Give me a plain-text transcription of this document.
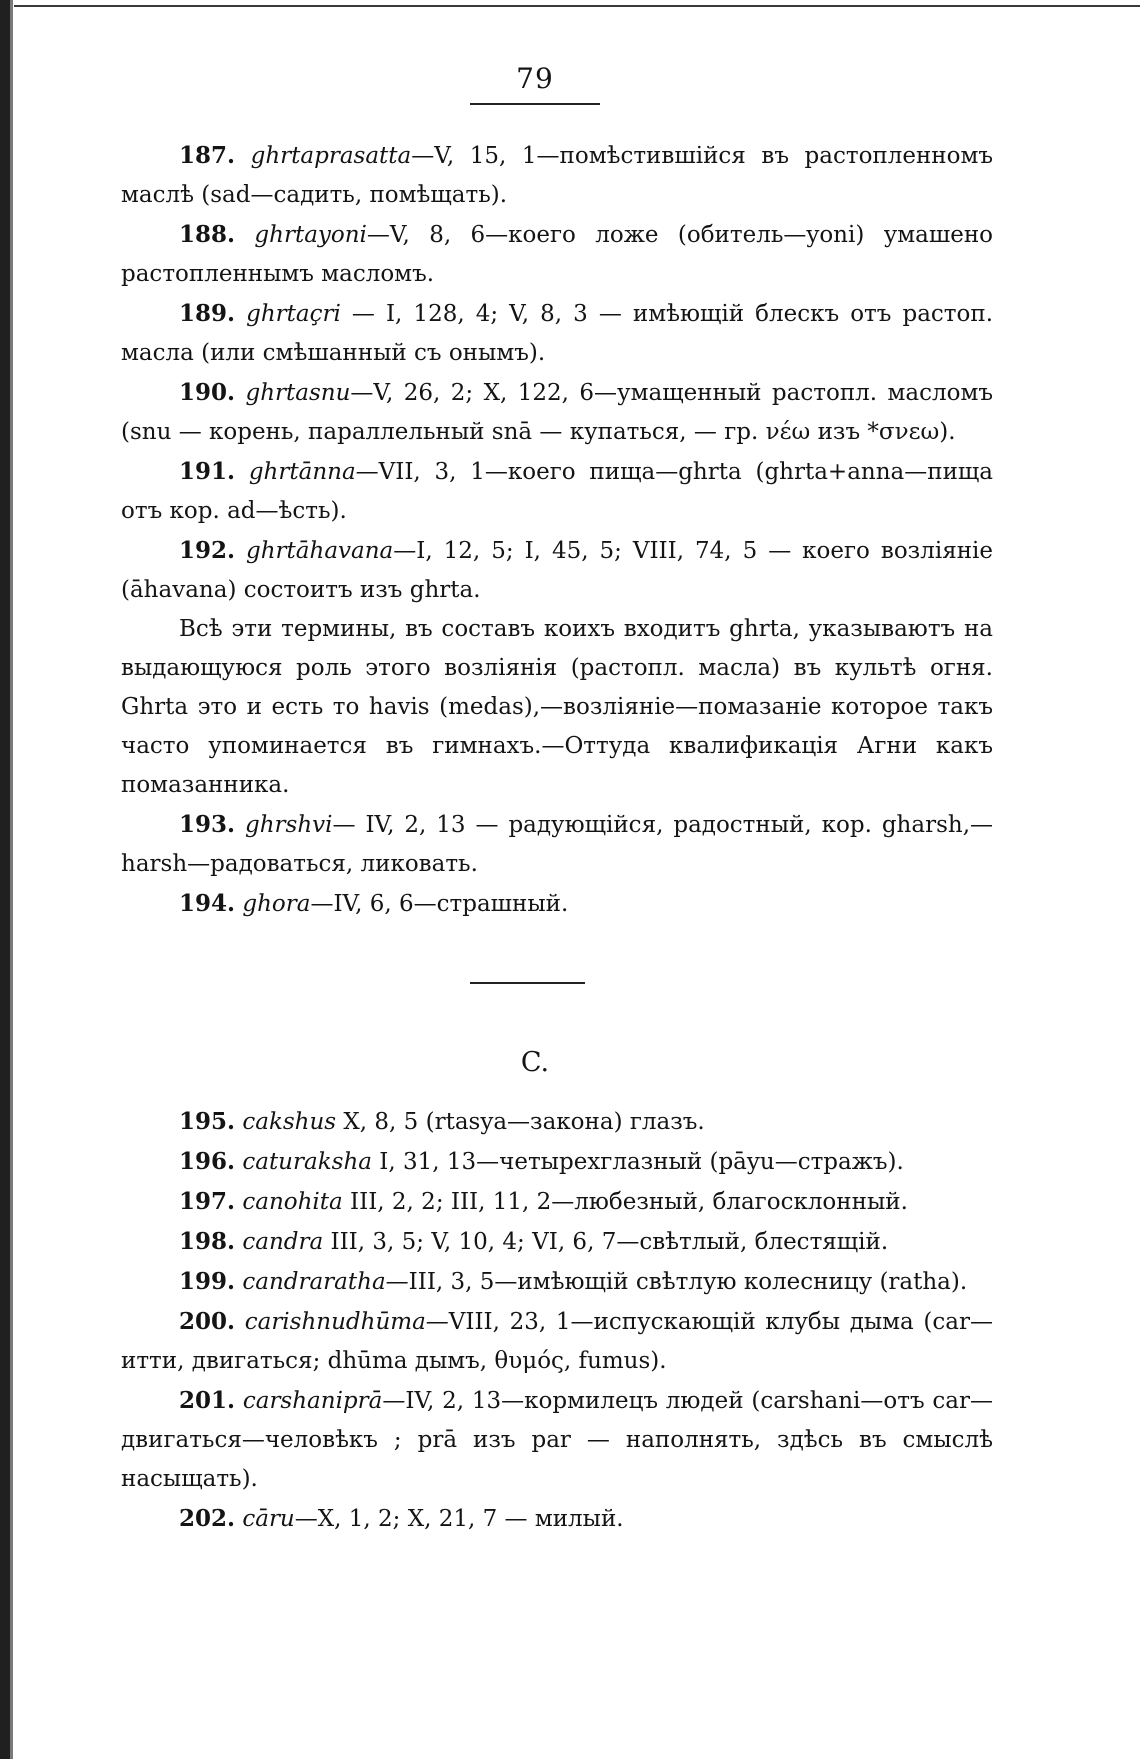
79

187. ghrtaprasatta—V, 15, 1—помѣстившійся въ растопленномъ маслѣ (sad—садить, помѣщать).

188. ghrtayoni—V, 8, 6—коего ложе (обитель—yoni) умашено растопленнымъ масломъ.

189. ghrtaçri — I, 128, 4; V, 8, 3 — имѣющій блескъ отъ растоп. масла (или смѣшанный съ онымъ).

190. ghrtasnu—V, 26, 2; X, 122, 6—умащенный растопл. масломъ (snu — корень, параллельный snā — купаться, — гр. νέω изъ *σνεω).

191. ghrtānna—VII, 3, 1—коего пища—ghrta (ghrta+anna—пища отъ кор. ad—ѣсть).

192. ghrtāhavana—I, 12, 5; I, 45, 5; VIII, 74, 5 — коего возліяніе (āhavana) состоитъ изъ ghrta.

Всѣ эти термины, въ составъ коихъ входитъ ghrta, указываютъ на выдающуюся роль этого возліянія (растопл. масла) въ культѣ огня. Ghrta это и есть то havis (medas),—возліяніе—помазаніе которое такъ часто упоминается въ гимнахъ.—Оттуда квалификація Агни какъ помазанника.

193. ghrshvi— IV, 2, 13 — радующійся, радостный, кор. gharsh,—harsh—радоваться, ликовать.

194. ghora—IV, 6, 6—страшный.

C.

195. cakshus X, 8, 5 (rtasya—закона) глазъ.

196. caturaksha I, 31, 13—четырехглазный (pāyu—стражъ).

197. canohita III, 2, 2; III, 11, 2—любезный, благосклонный.

198. candra III, 3, 5; V, 10, 4; VI, 6, 7—свѣтлый, блестящій.

199. candraratha—III, 3, 5—имѣющій свѣтлую колесницу (ratha).

200. carishnudhūma—VIII, 23, 1—испускающій клубы дыма (car—итти, двигаться; dhūma дымъ, θυμός, fumus).

201. carshaniprā—IV, 2, 13—кормилецъ людей (carshani—отъ car—двигаться—человѣкъ ; prā изъ par — наполнять, здѣсь въ смыслѣ насыщать).

202. cāru—X, 1, 2; X, 21, 7 — милый.
